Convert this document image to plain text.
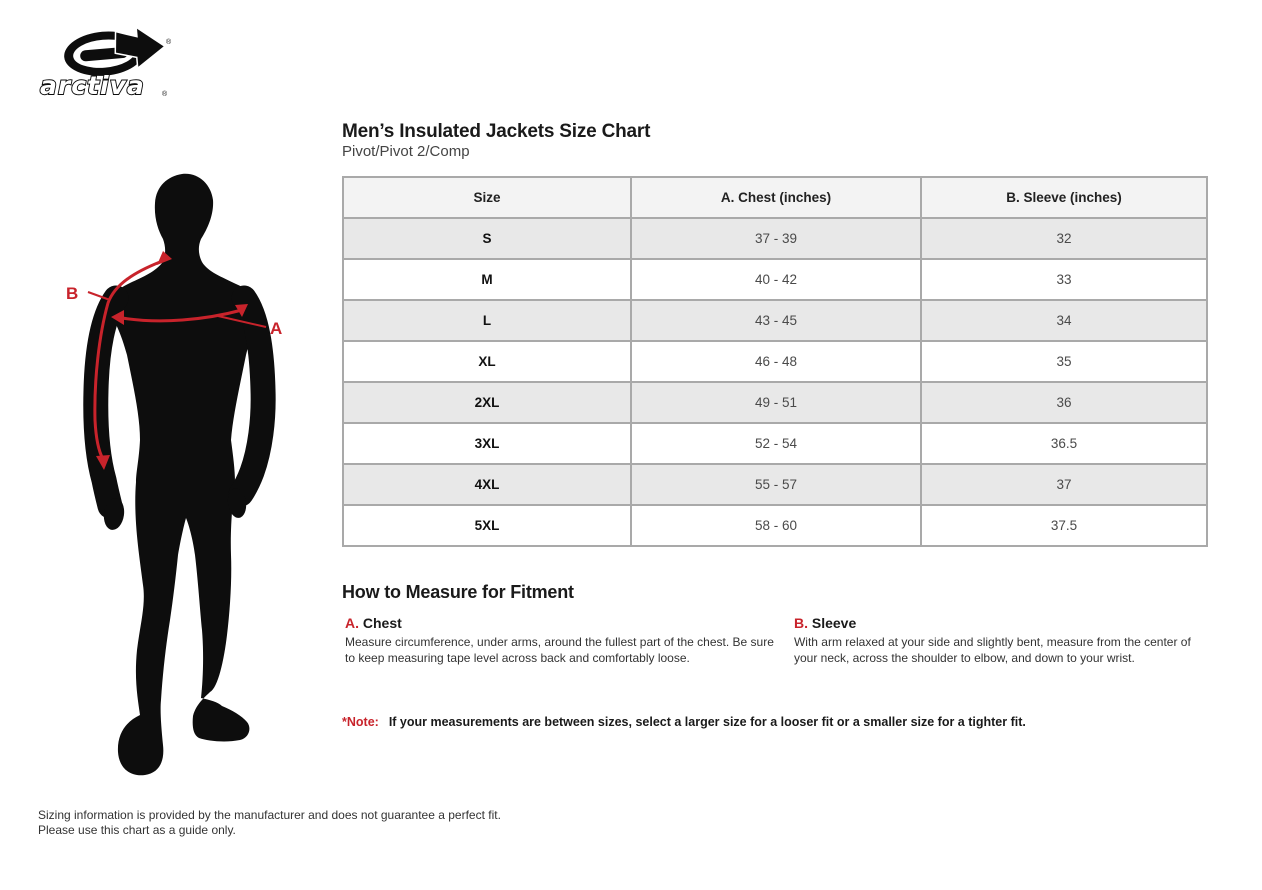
®
arctiva ®
B
A
Men’s Insulated Jackets Size Chart
Pivot/Pivot 2/Comp
Size	A. Chest (inches)	B. Sleeve (inches)
S	37 - 39	32
M	40 - 42	33
L	43 - 45	34
XL	46 - 48	35
2XL	49 - 51	36
3XL	52 - 54	36.5
4XL	55 - 57	37
5XL	58 - 60	37.5
How to Measure for Fitment
A. Chest
Measure circumference, under arms, around the fullest part of the chest. Be sure to keep measuring tape level across back and comfortably loose.
B. Sleeve
With arm relaxed at your side and slightly bent, measure from the center of your neck, across the shoulder to elbow, and down to your wrist.
*Note: If your measurements are between sizes, select a larger size for a looser fit or a smaller size for a tighter fit.
Sizing information is provided by the manufacturer and does not guarantee a perfect fit.
Please use this chart as a guide only.
